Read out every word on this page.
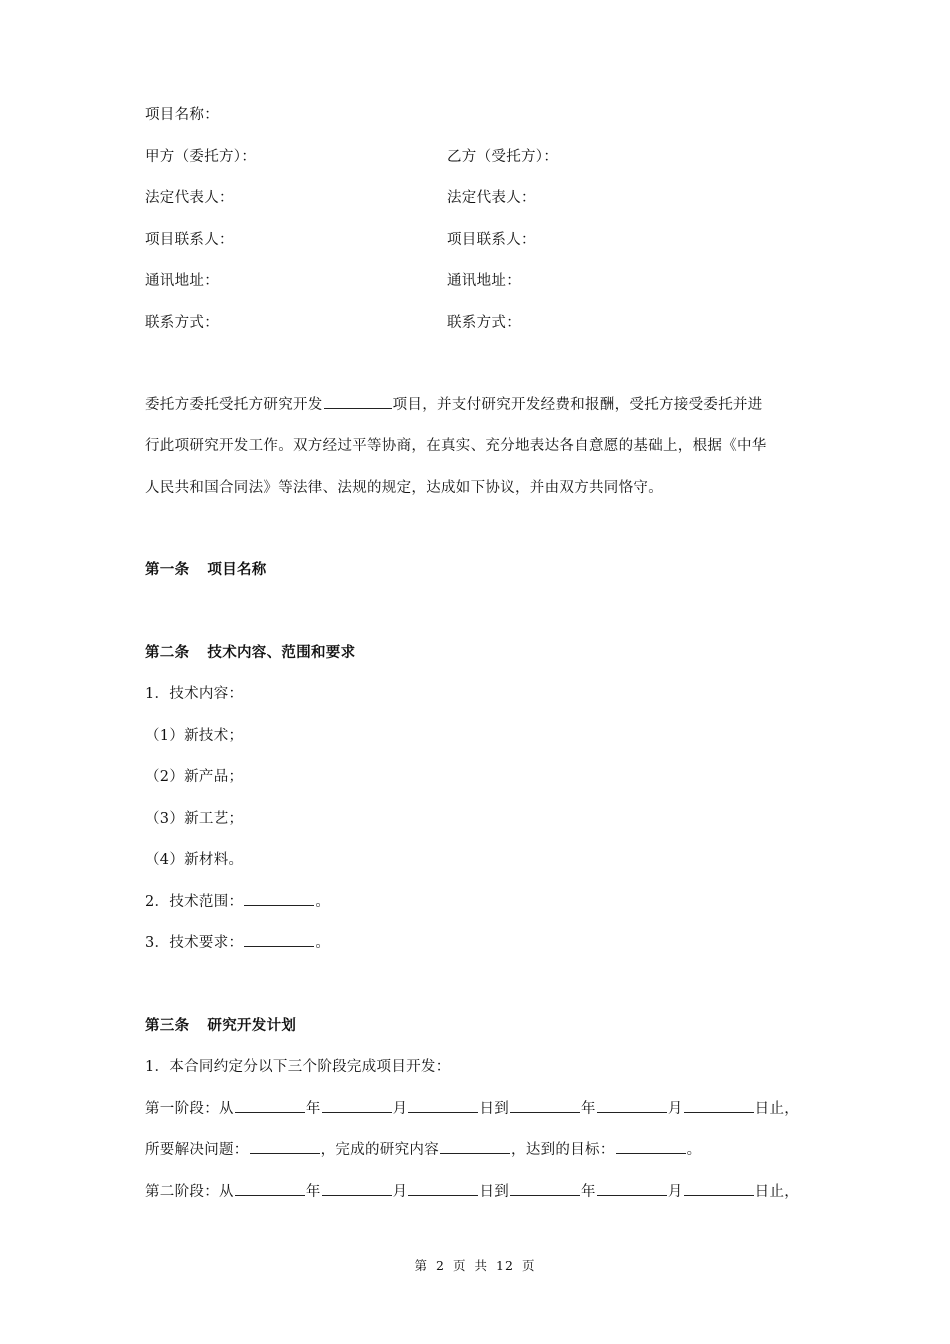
项目名称：
甲方（委托方）：	乙方（受托方）：
法定代表人：	法定代表人：
项目联系人：	项目联系人：
通讯地址：	通讯地址：
联系方式：	联系方式：
委托方委托受托方研究开发	项目，并支付研究开发经费和报酬，受托方接受委托并进
行此项研究开发工作。双方经过平等协商，在真实、充分地表达各自意愿的基础上，根据《中华
人民共和国合同法》等法律、法规的规定，达成如下协议，并由双方共同恪守。
第一条 项目名称
第二条 技术内容、范围和要求
1．技术内容：
（1）新技术；
（2）新产品；
（3）新工艺；
（4）新材料。
2．技术范围：	。
3．技术要求：	。
第三条 研究开发计划
1．本合同约定分以下三个阶段完成项目开发：
第一阶段：从	年	月	日到	年	月	日止，
所要解决问题：	，完成的研究内容	，达到的目标：	。
第二阶段：从	年	月	日到	年	月	日止，
第 2 页 共 12 页
